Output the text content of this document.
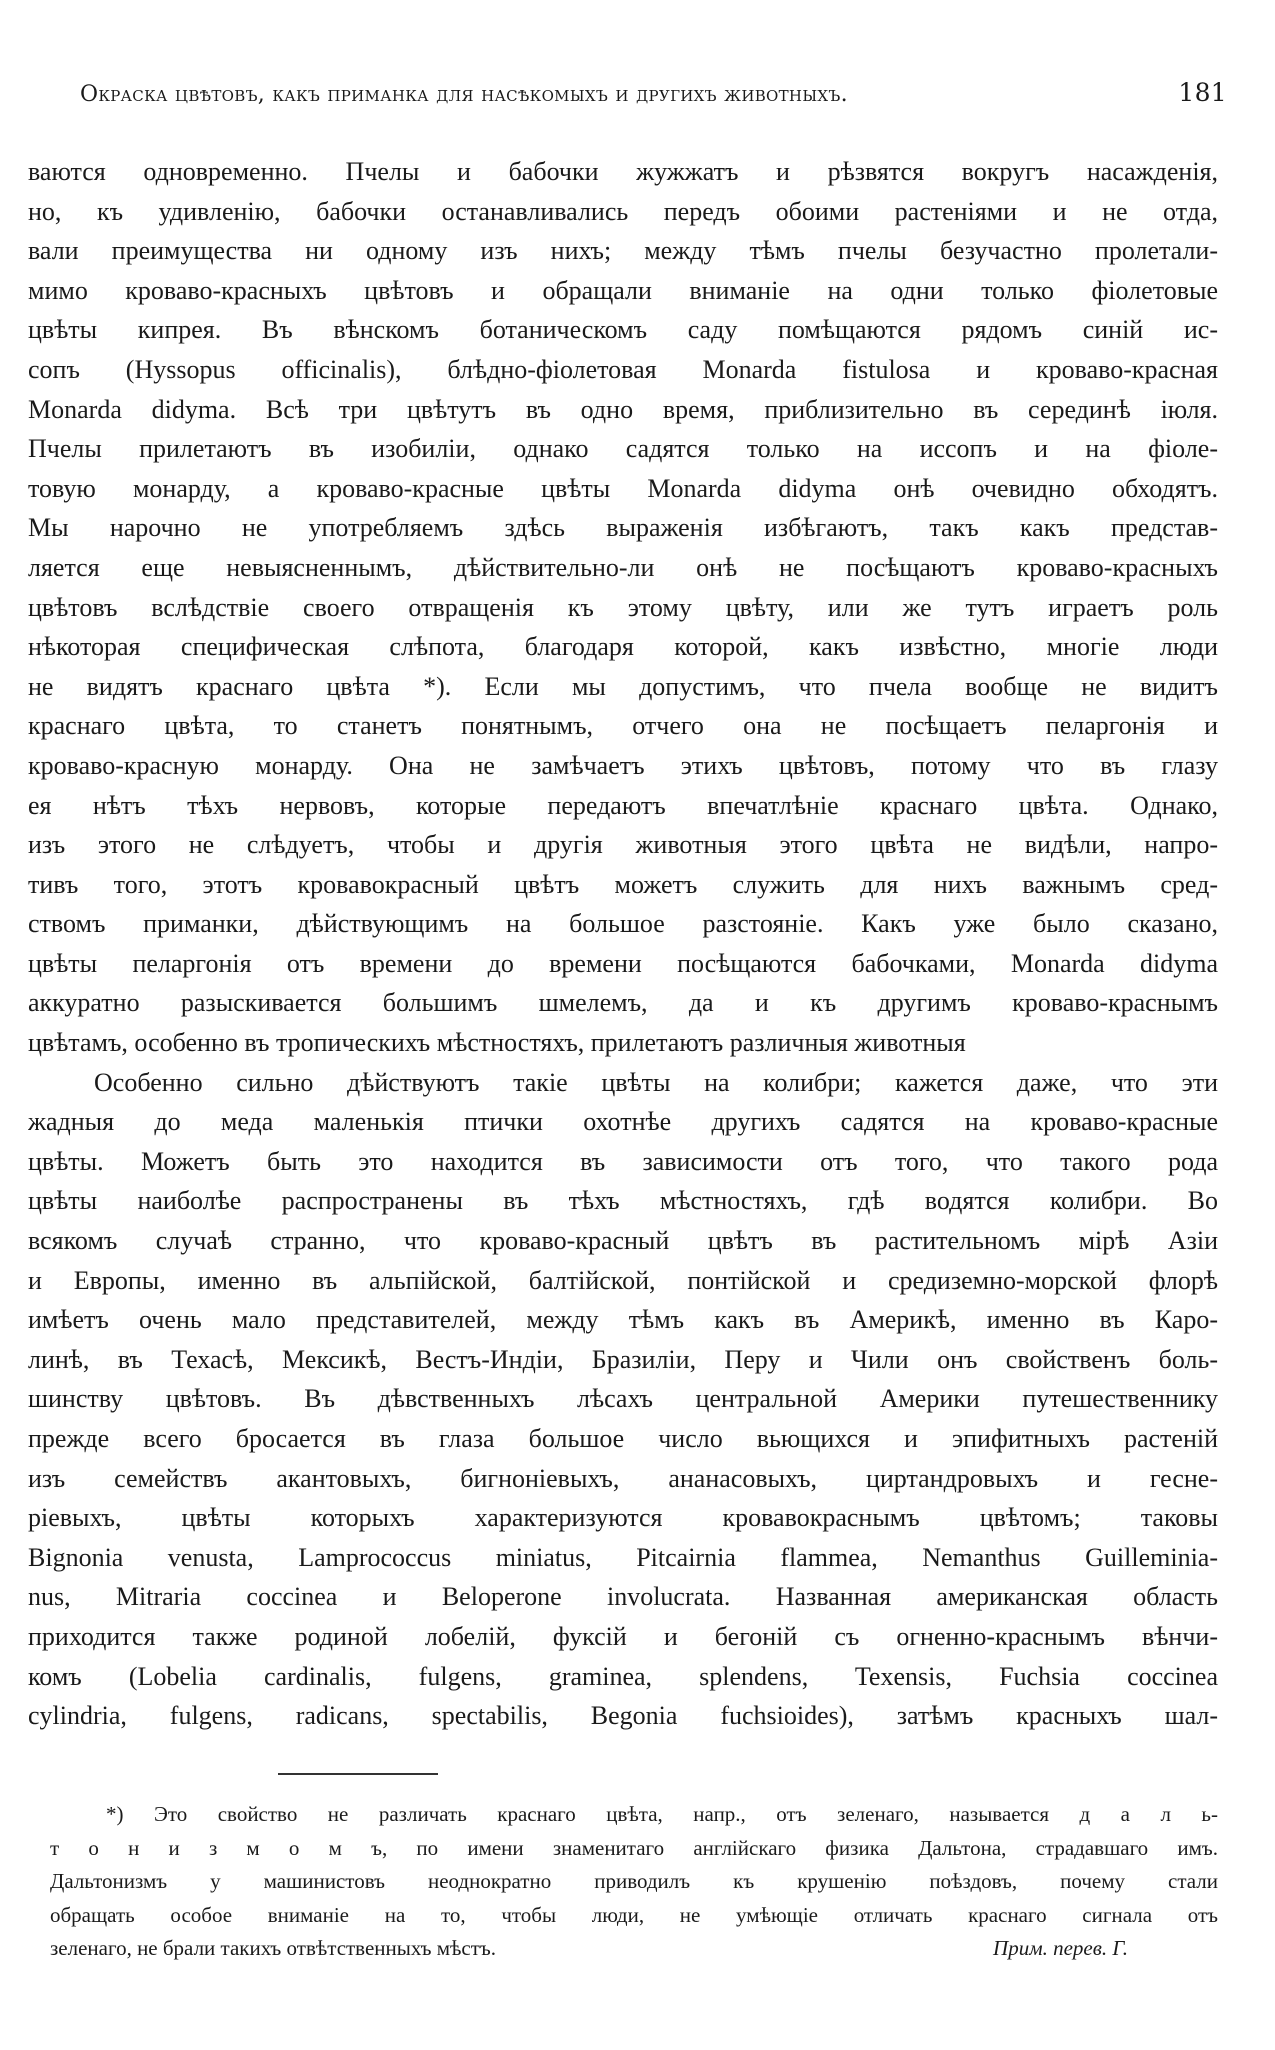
Окраска цвѣтовъ, какъ приманка для насѣкомыхъ и другихъ животныхъ.	181
ваются одновременно. Пчелы и бабочки жужжатъ и рѣзвятся вокругъ насажденія,
но, къ удивленію, бабочки останавливались передъ обоими растеніями и не отда,
вали преимущества ни одному изъ нихъ; между тѣмъ пчелы безучастно пролетали-
мимо кроваво-красныхъ цвѣтовъ и обращали вниманіе на одни только фіолетовые
цвѣты кипрея. Въ вѣнскомъ ботаническомъ саду помѣщаются рядомъ синій ис-
сопъ (Hyssopus officinalis), блѣдно-фіолетовая Monarda fistulosa и кроваво-красная
Monarda didyma. Всѣ три цвѣтутъ въ одно время, приблизительно въ серединѣ іюля.
Пчелы прилетаютъ въ изобиліи, однако садятся только на иссопъ и на фіоле-
товую монарду, а кроваво-красные цвѣты Monarda didyma онѣ очевидно обходятъ.
Мы нарочно не употребляемъ здѣсь выраженія избѣгаютъ, такъ какъ представ-
ляется еще невыясненнымъ, дѣйствительно-ли онѣ не посѣщаютъ кроваво-красныхъ
цвѣтовъ вслѣдствіе своего отвращенія къ этому цвѣту, или же тутъ играетъ роль
нѣкоторая специфическая слѣпота, благодаря которой, какъ извѣстно, многіе люди
не видятъ краснаго цвѣта *). Если мы допустимъ, что пчела вообще не видитъ
краснаго цвѣта, то станетъ понятнымъ, отчего она не посѣщаетъ пеларгонія и
кроваво-красную монарду. Она не замѣчаетъ этихъ цвѣтовъ, потому что въ глазу
ея нѣтъ тѣхъ нервовъ, которые передаютъ впечатлѣніе краснаго цвѣта. Однако,
изъ этого не слѣдуетъ, чтобы и другія животныя этого цвѣта не видѣли, напро-
тивъ того, этотъ кровавокрасный цвѣтъ можетъ служить для нихъ важнымъ сред-
ствомъ приманки, дѣйствующимъ на большое разстояніе. Какъ уже было сказано,
цвѣты пеларгонія отъ времени до времени посѣщаются бабочками, Monarda didyma
аккуратно разыскивается большимъ шмелемъ, да и къ другимъ кроваво-краснымъ
цвѣтамъ, особенно въ тропическихъ мѣстностяхъ, прилетаютъ различныя животныя
Особенно сильно дѣйствуютъ такіе цвѣты на колибри; кажется даже, что эти
жадныя до меда маленькія птички охотнѣе другихъ садятся на кроваво-красные
цвѣты. Можетъ быть это находится въ зависимости отъ того, что такого рода
цвѣты наиболѣе распространены въ тѣхъ мѣстностяхъ, гдѣ водятся колибри. Во
всякомъ случаѣ странно, что кроваво-красный цвѣтъ въ растительномъ мірѣ Азіи
и Европы, именно въ альпійской, балтійской, понтійской и средиземно-морской флорѣ
имѣетъ очень мало представителей, между тѣмъ какъ въ Америкѣ, именно въ Каро-
линѣ, въ Техасѣ, Мексикѣ, Вестъ-Индіи, Бразиліи, Перу и Чили онъ свойственъ боль-
шинству цвѣтовъ. Въ дѣвственныхъ лѣсахъ центральной Америки путешественнику
прежде всего бросается въ глаза большое число вьющихся и эпифитныхъ растеній
изъ семействъ акантовыхъ, бигноніевыхъ, ананасовыхъ, циртандровыхъ и гесне-
ріевыхъ, цвѣты которыхъ характеризуются кровавокраснымъ цвѣтомъ; таковы
Bignonia venusta, Lamprococcus miniatus, Pitcairnia flammea, Nemanthus Guilleminia-
nus, Mitraria coccinea и Beloperone involucrata. Названная американская область
приходится также родиной лобелій, фуксій и бегоній съ огненно-краснымъ вѣнчи-
комъ (Lobelia cardinalis, fulgens, graminea, splendens, Texensis, Fuchsia coccinea
cylindria, fulgens, radicans, spectabilis, Begonia fuchsioides), затѣмъ красныхъ шал-
*) Это свойство не различать краснаго цвѣта, напр., отъ зеленаго, называется д а л ь-
т о н и з м о м ъ, по имени знаменитаго англійскаго физика Дальтона, страдавшаго имъ.
Дальтонизмъ у машинистовъ неоднократно приводилъ къ крушенію поѣздовъ, почему стали
обращать особое вниманіе на то, чтобы люди, не умѣющіе отличать краснаго сигнала отъ
зеленаго, не брали такихъ отвѣтственныхъ мѣстъ.	Прим. перев. Г.
